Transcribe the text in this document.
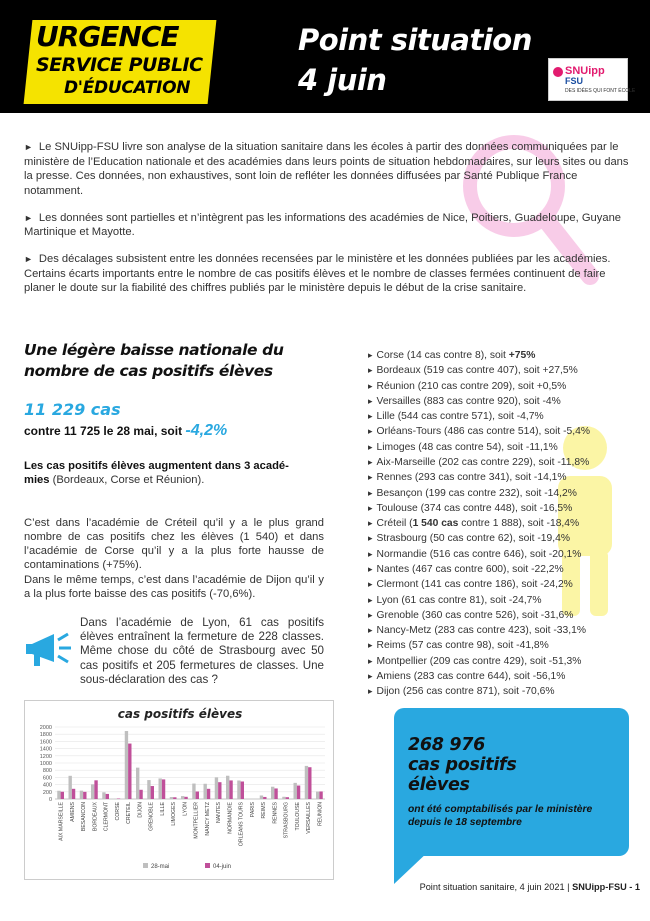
URGENCE
SERVICE PUBLIC
D'ÉDUCATION
Point situation
4 juin	SNUipp
FSU
DES IDÉES QUI FONT ÉCOLE

► Le SNUipp-FSU livre son analyse de la situation sanitaire dans les écoles à partir des données communiquées par le ministère de l’Education nationale et des académies dans leurs points de situation hebdomadaires, sur leurs sites ou dans la presse. Ces données, non exhaustives, sont loin de refléter les données diffusées par Santé Publique France notamment.

► Les données sont partielles et n’intègrent pas les informations des académies de Nice, Poitiers, Guadeloupe, Guyane Martinique et Mayotte.

► Des décalages subsistent entre les données recensées par le ministère et les données publiées par les académies. Certains écarts importants entre le nombre de cas positifs élèves et le nombre de classes fermées continuent de faire planer le doute sur la fiabilité des chiffres publiés par le ministère depuis le début de la crise sanitaire.

Une légère baisse nationale du
nombre de cas positifs élèves
11 229 cas
contre 11 725 le 28 mai, soit -4,2%
Les cas positifs élèves augmentent dans 3 acadé-
mies (Bordeaux, Corse et Réunion).
C’est dans l’académie de Créteil qu’il y a le plus grand nombre de cas positifs chez les élèves (1 540) et dans l’académie de Corse qu’il y a la plus forte hausse de contaminations (+75%).
Dans le même temps, c’est dans l’académie de Dijon qu’il y a la plus forte baisse des cas positifs (-70,6%).
Dans l’académie de Lyon, 61 cas positifs élèves entraînent la fermeture de 228 classes. Même chose du côté de Strasbourg avec 50 cas positifs et 205 fermetures de classes. Une sous-déclaration des cas ?
cas positifs élèves
0
200
400
600
800
1000
1200
1400
1600
1800
2000
AIX MARSEILLE AMIENS BESANCON BORDEAUX CLERMONT CORSE CRETEIL DIJON GRENOBLE LILLE LIMOGES LYON MONTPELLIER NANCY METZ NANTES NORMANDIE ORLEANS TOURS PARIS REIMS RENNES STRASBOURG TOULOUSE VERSAILLES REUNION
28-mai	04-juin
▸ Corse (14 cas contre 8), soit +75%
▸ Bordeaux (519 cas contre 407), soit +27,5%
▸ Réunion (210 cas contre 209), soit +0,5%
▸ Versailles (883 cas contre 920), soit -4%
▸ Lille (544 cas contre 571), soit -4,7%
▸ Orléans-Tours (486 cas contre 514), soit -5,4%
▸ Limoges (48 cas contre 54), soit -11,1%
▸ Aix-Marseille (202 cas contre 229), soit -11,8%
▸ Rennes (293 cas contre 341), soit -14,1%
▸ Besançon (199 cas contre 232), soit -14,2%
▸ Toulouse (374 cas contre 448), soit -16,5%
▸ Créteil (1 540 cas contre 1 888), soit -18,4%
▸ Strasbourg (50 cas contre 62), soit -19,4%
▸ Normandie (516 cas contre 646), soit -20,1%
▸ Nantes (467 cas contre 600), soit -22,2%
▸ Clermont (141 cas contre 186), soit -24,2%
▸ Lyon (61 cas contre 81), soit -24,7%
▸ Grenoble (360 cas contre 526), soit -31,6%
▸ Nancy-Metz (283 cas contre 423), soit -33,1%
▸ Reims (57 cas contre 98), soit -41,8%
▸ Montpellier (209 cas contre 429), soit -51,3%
▸ Amiens (283 cas contre 644), soit -56,1%
▸ Dijon (256 cas contre 871), soit -70,6%
268 976
cas positifs
élèves
ont été comptabilisés par le ministère depuis le 18 septembre
Point situation sanitaire, 4 juin 2021 | SNUipp-FSU - 1
